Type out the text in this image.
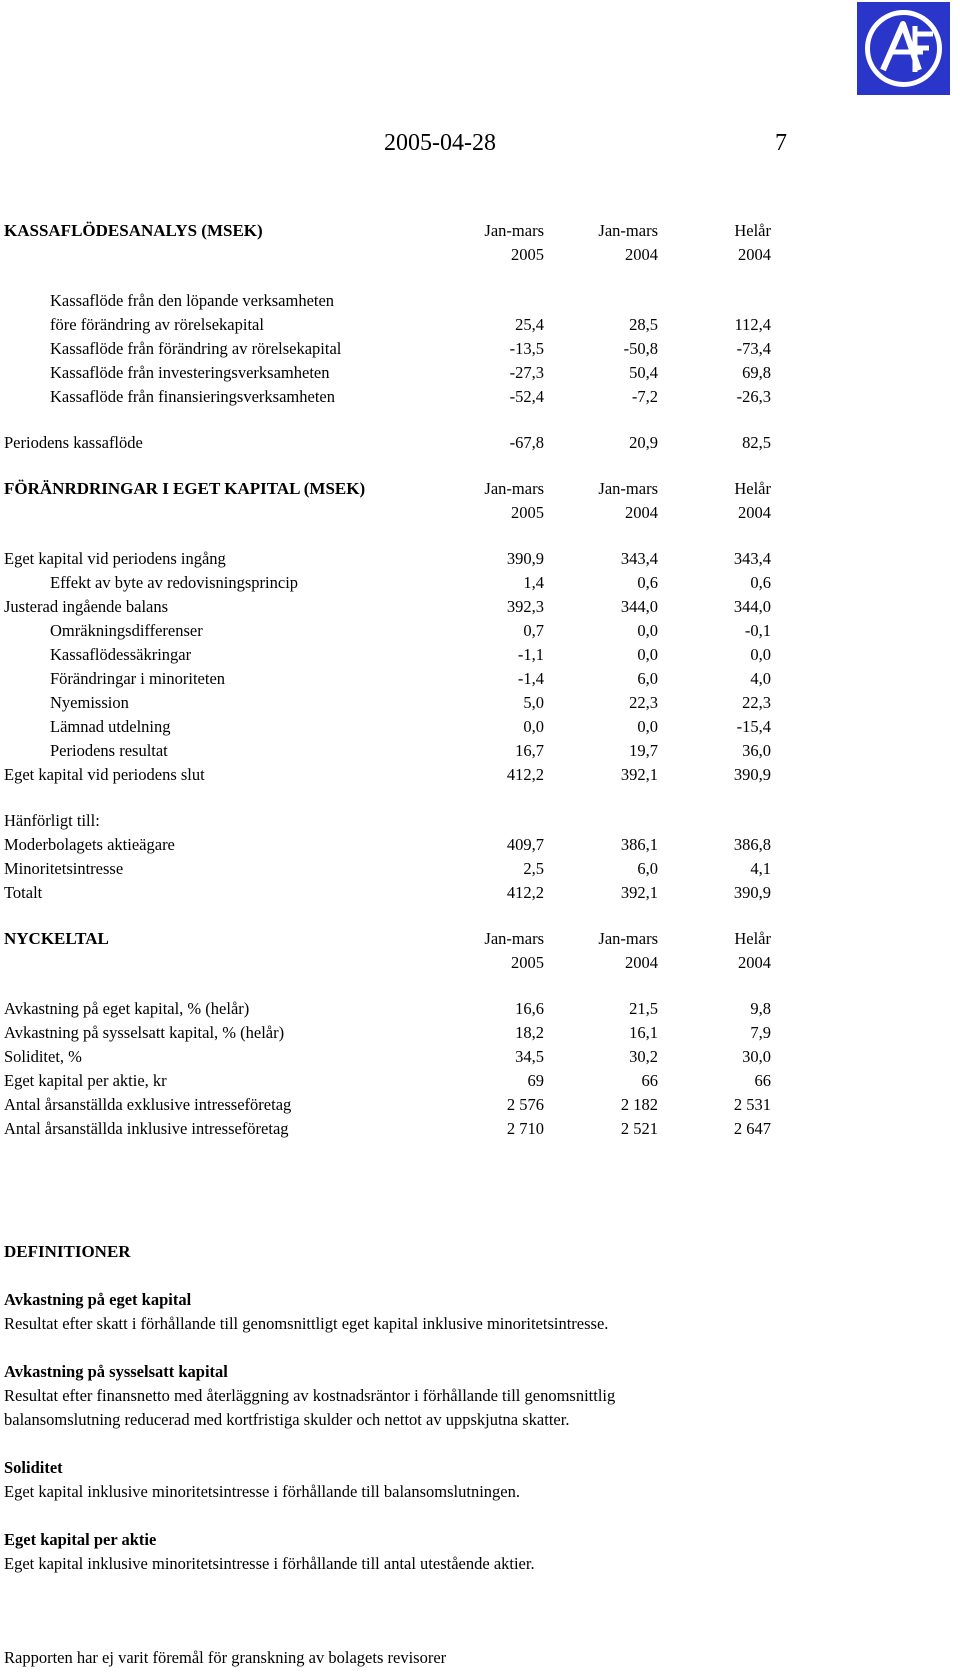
2005-04-28	7
KASSAFLÖDESANALYS (MSEK)	Jan-mars	Jan-mars	Helår
2005	2004	2004
Kassaflöde från den löpande verksamheten
före förändring av rörelsekapital	25,4	28,5	112,4
Kassaflöde från förändring av rörelsekapital	-13,5	-50,8	-73,4
Kassaflöde från investeringsverksamheten	-27,3	50,4	69,8
Kassaflöde från finansieringsverksamheten	-52,4	-7,2	-26,3
Periodens kassaflöde	-67,8	20,9	82,5
FÖRÄNRDRINGAR I EGET KAPITAL (MSEK)	Jan-mars	Jan-mars	Helår
2005	2004	2004
Eget kapital vid periodens ingång	390,9	343,4	343,4
Effekt av byte av redovisningsprincip	1,4	0,6	0,6
Justerad ingående balans	392,3	344,0	344,0
Omräkningsdifferenser	0,7	0,0	-0,1
Kassaflödessäkringar	-1,1	0,0	0,0
Förändringar i minoriteten	-1,4	6,0	4,0
Nyemission	5,0	22,3	22,3
Lämnad utdelning	0,0	0,0	-15,4
Periodens resultat	16,7	19,7	36,0
Eget kapital vid periodens slut	412,2	392,1	390,9
Hänförligt till:
Moderbolagets aktieägare	409,7	386,1	386,8
Minoritetsintresse	2,5	6,0	4,1
Totalt	412,2	392,1	390,9
NYCKELTAL	Jan-mars	Jan-mars	Helår
2005	2004	2004
Avkastning på eget kapital, % (helår)	16,6	21,5	9,8
Avkastning på sysselsatt kapital, % (helår)	18,2	16,1	7,9
Soliditet, %	34,5	30,2	30,0
Eget kapital per aktie, kr	69	66	66
Antal årsanställda exklusive intresseföretag	2 576	2 182	2 531
Antal årsanställda inklusive intresseföretag	2 710	2 521	2 647
DEFINITIONER
Avkastning på eget kapital
Resultat efter skatt i förhållande till genomsnittligt eget kapital inklusive minoritetsintresse.
Avkastning på sysselsatt kapital
Resultat efter finansnetto med återläggning av kostnadsräntor i förhållande till genomsnittlig
balansomslutning reducerad med kortfristiga skulder och nettot av uppskjutna skatter.
Soliditet
Eget kapital inklusive minoritetsintresse i förhållande till balansomslutningen.
Eget kapital per aktie
Eget kapital inklusive minoritetsintresse i förhållande till antal utestående aktier.
Rapporten har ej varit föremål för granskning av bolagets revisorer
